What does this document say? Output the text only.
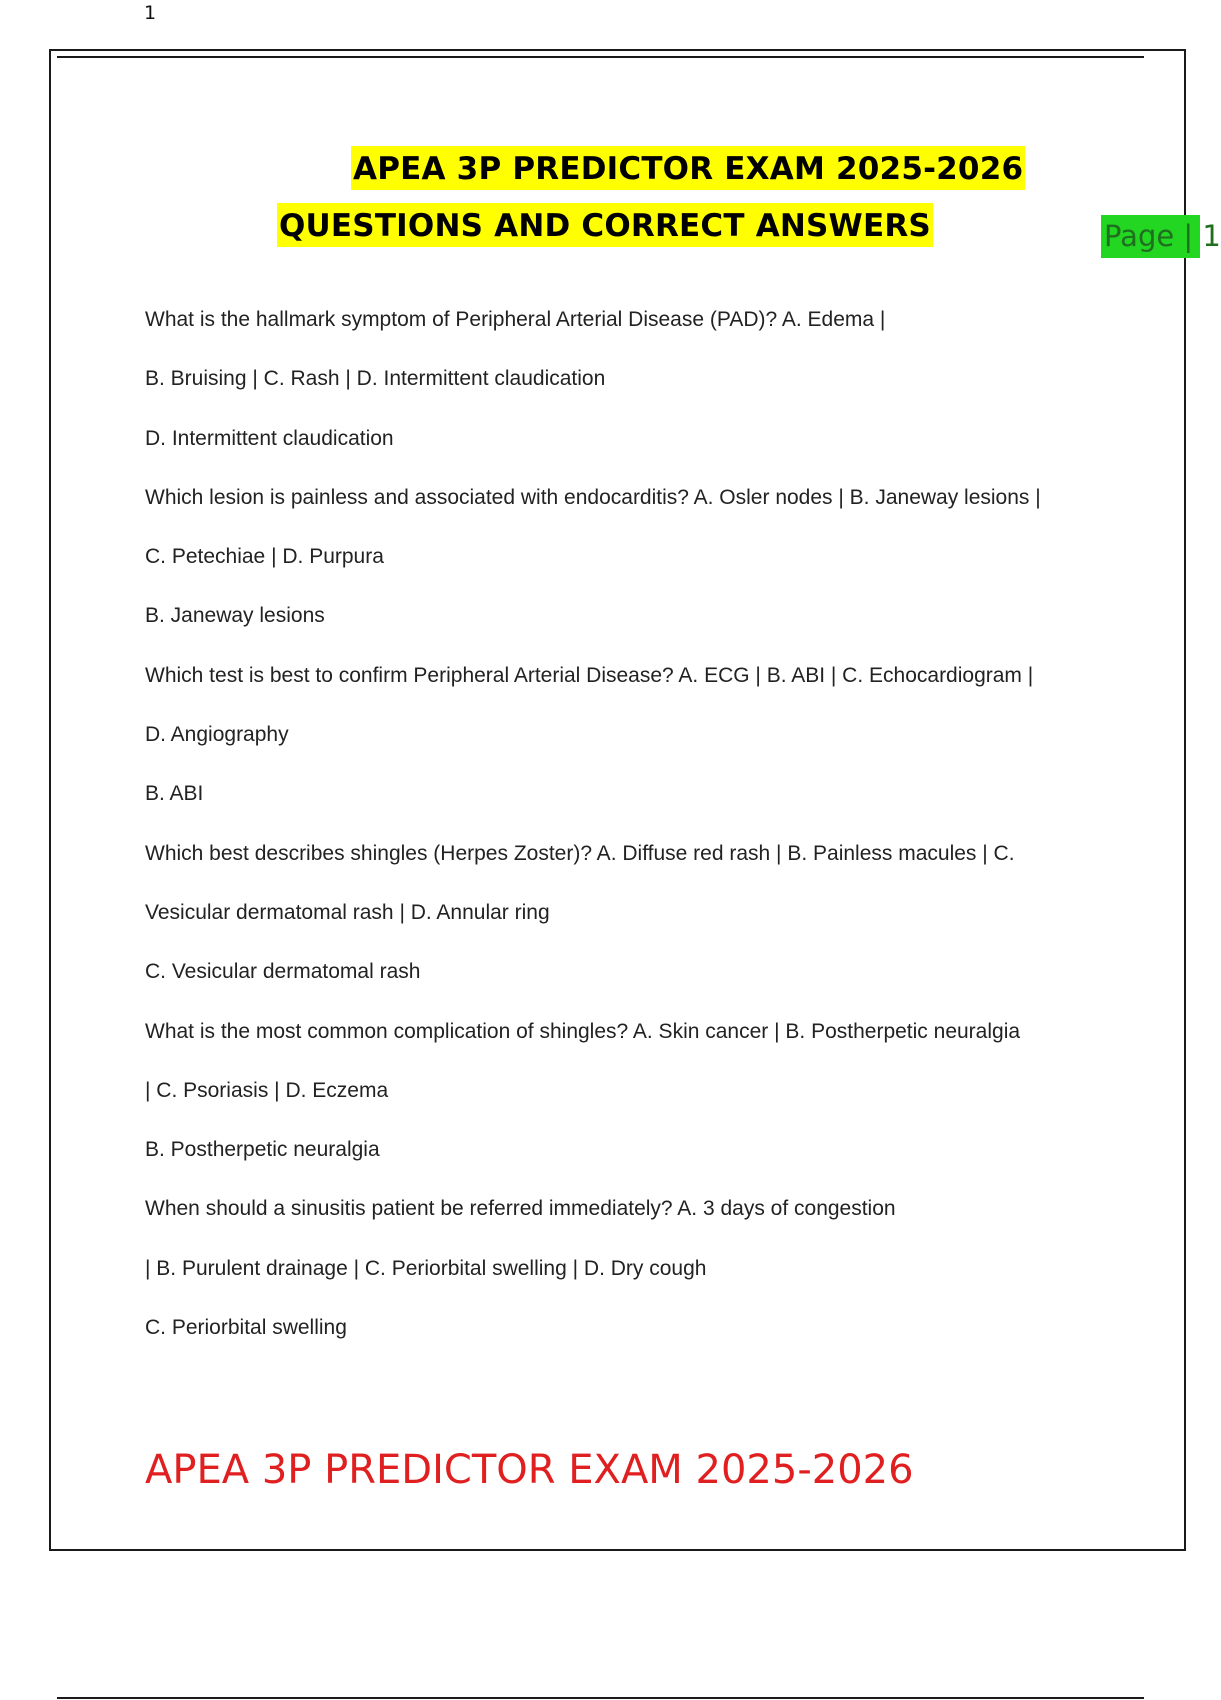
1
APEA 3P PREDICTOR EXAM 2025-2026
QUESTIONS AND CORRECT ANSWERS	Page | 1
What is the hallmark symptom of Peripheral Arterial Disease (PAD)? A. Edema |
B. Bruising | C. Rash | D. Intermittent claudication
D. Intermittent claudication
Which lesion is painless and associated with endocarditis? A. Osler nodes | B. Janeway lesions |
C. Petechiae | D. Purpura
B. Janeway lesions
Which test is best to confirm Peripheral Arterial Disease? A. ECG | B. ABI | C. Echocardiogram |
D. Angiography
B. ABI
Which best describes shingles (Herpes Zoster)? A. Diffuse red rash | B. Painless macules | C.
Vesicular dermatomal rash | D. Annular ring
C. Vesicular dermatomal rash
What is the most common complication of shingles? A. Skin cancer | B. Postherpetic neuralgia
| C. Psoriasis | D. Eczema
B. Postherpetic neuralgia
When should a sinusitis patient be referred immediately? A. 3 days of congestion
| B. Purulent drainage | C. Periorbital swelling | D. Dry cough
C. Periorbital swelling
APEA 3P PREDICTOR EXAM 2025-2026
